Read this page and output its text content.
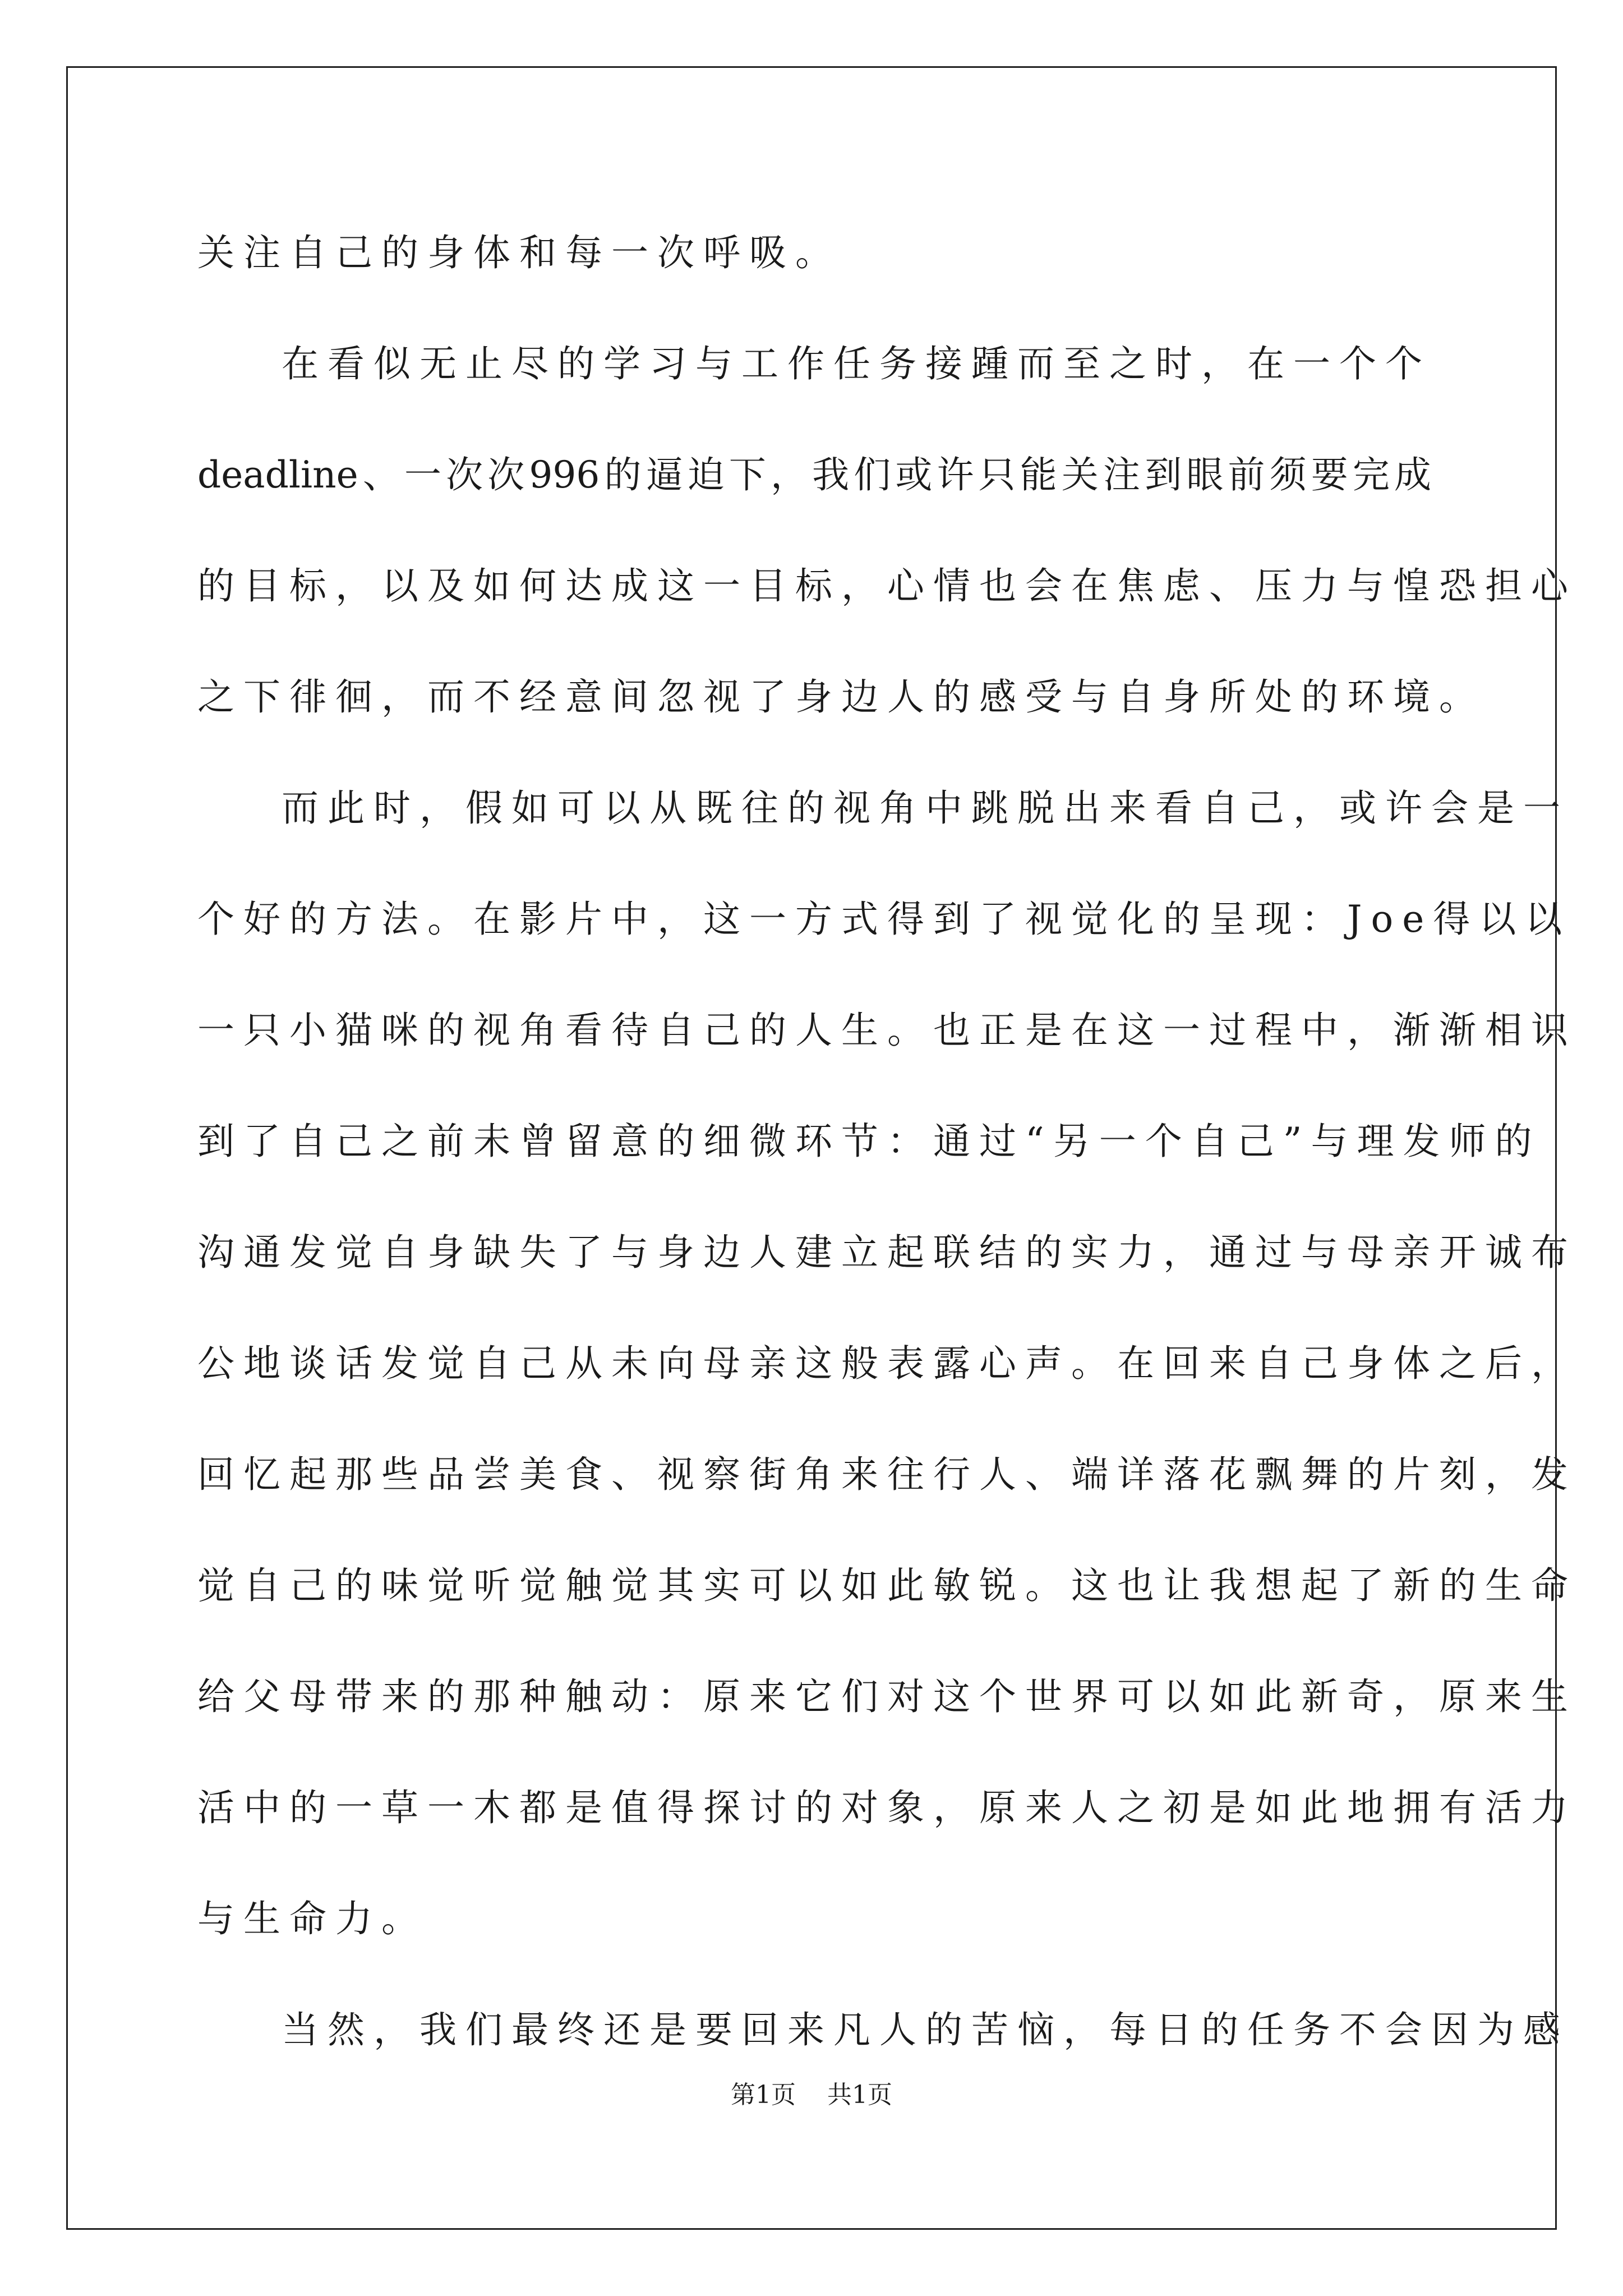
关注自己的身体和每一次呼吸。
在看似无止尽的学习与工作任务接踵而至之时，在一个个
deadline、一次次996的逼迫下，我们或许只能关注到眼前须要完成
的目标，以及如何达成这一目标，心情也会在焦虑、压力与惶恐担心
之下徘徊，而不经意间忽视了身边人的感受与自身所处的环境。
而此时，假如可以从既往的视角中跳脱出来看自己，或许会是一
个好的方法。在影片中，这一方式得到了视觉化的呈现：Joe得以以
一只小猫咪的视角看待自己的人生。也正是在这一过程中，渐渐相识
到了自己之前未曾留意的细微环节：通过“另一个自己”与理发师的
沟通发觉自身缺失了与身边人建立起联结的实力，通过与母亲开诚布
公地谈话发觉自己从未向母亲这般表露心声。在回来自己身体之后，
回忆起那些品尝美食、视察街角来往行人、端详落花飘舞的片刻，发
觉自己的味觉听觉触觉其实可以如此敏锐。这也让我想起了新的生命
给父母带来的那种触动：原来它们对这个世界可以如此新奇，原来生
活中的一草一木都是值得探讨的对象，原来人之初是如此地拥有活力
与生命力。
当然，我们最终还是要回来凡人的苦恼，每日的任务不会因为感
第1页    共1页
